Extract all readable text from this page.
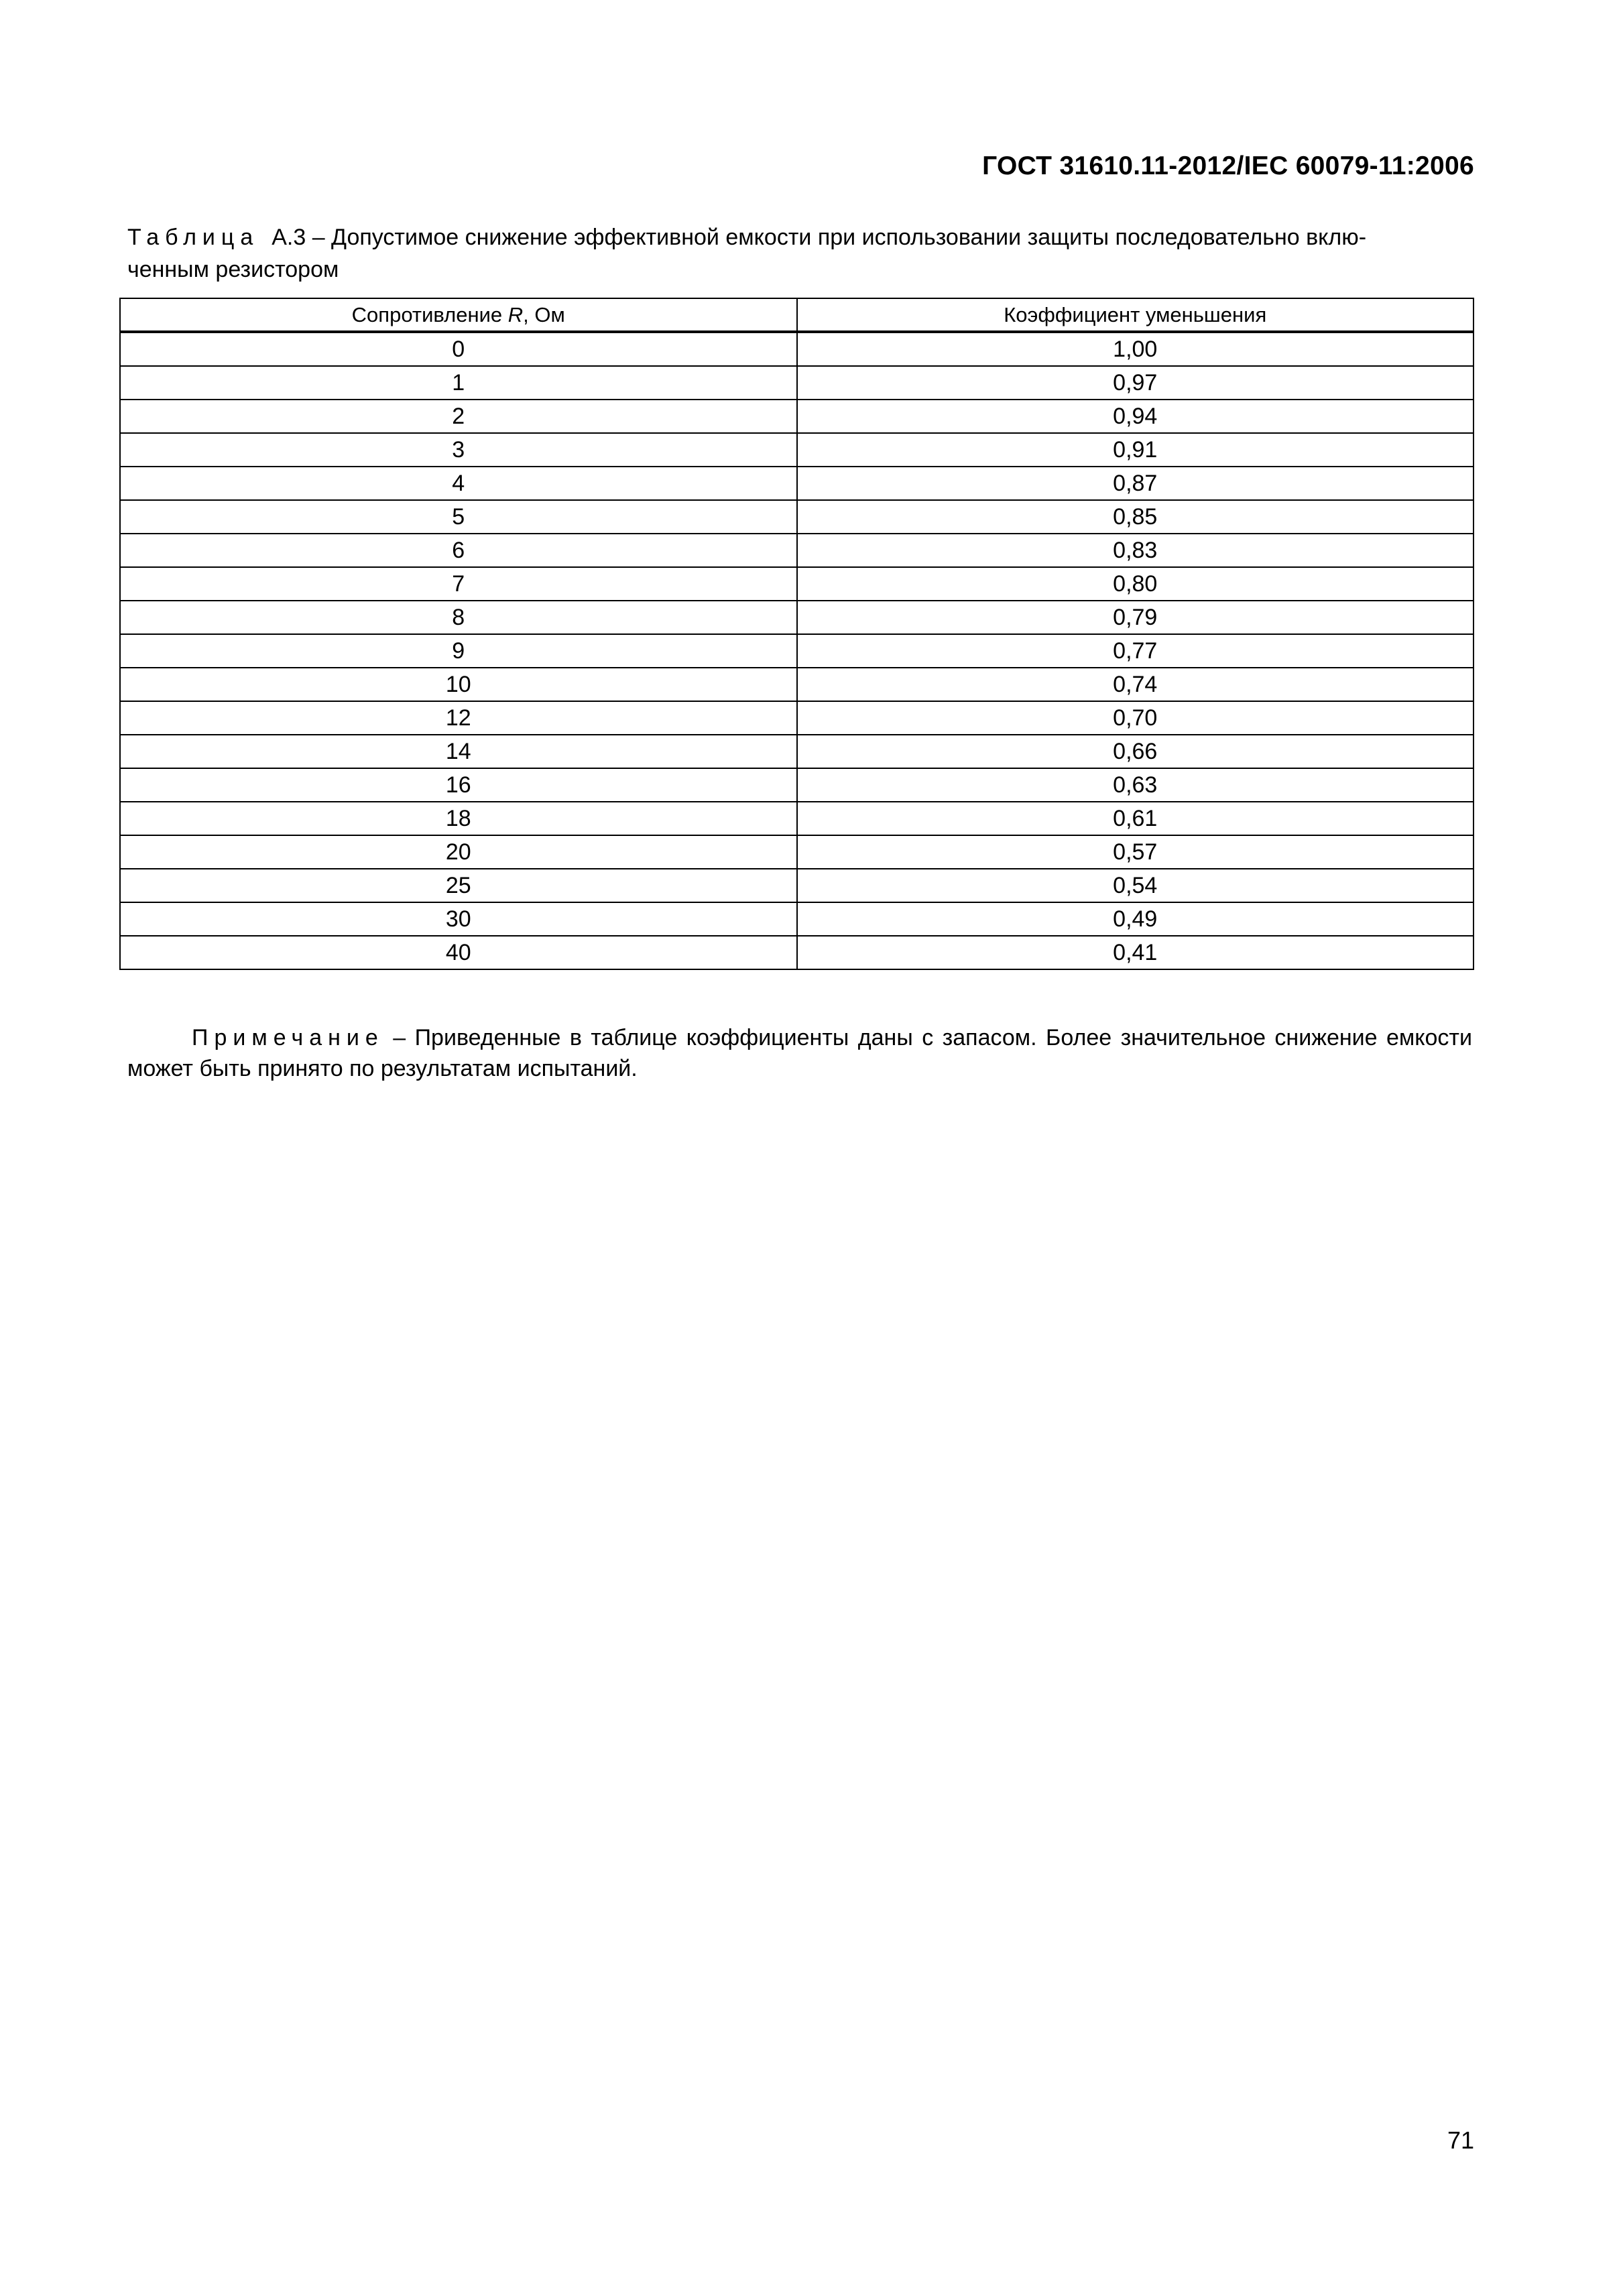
ГОСТ 31610.11-2012/IEC 60079-11:2006
Таблица А.3 – Допустимое снижение эффективной емкости при использовании защиты последовательно вклю-
ченным резистором
Сопротивление R, Ом	Коэффициент уменьшения
0	1,00
1	0,97
2	0,94
3	0,91
4	0,87
5	0,85
6	0,83
7	0,80
8	0,79
9	0,77
10	0,74
12	0,70
14	0,66
16	0,63
18	0,61
20	0,57
25	0,54
30	0,49
40	0,41
Примечание – Приведенные в таблице коэффициенты даны с запасом. Более значительное снижение емкости может быть принято по результатам испытаний.
71
